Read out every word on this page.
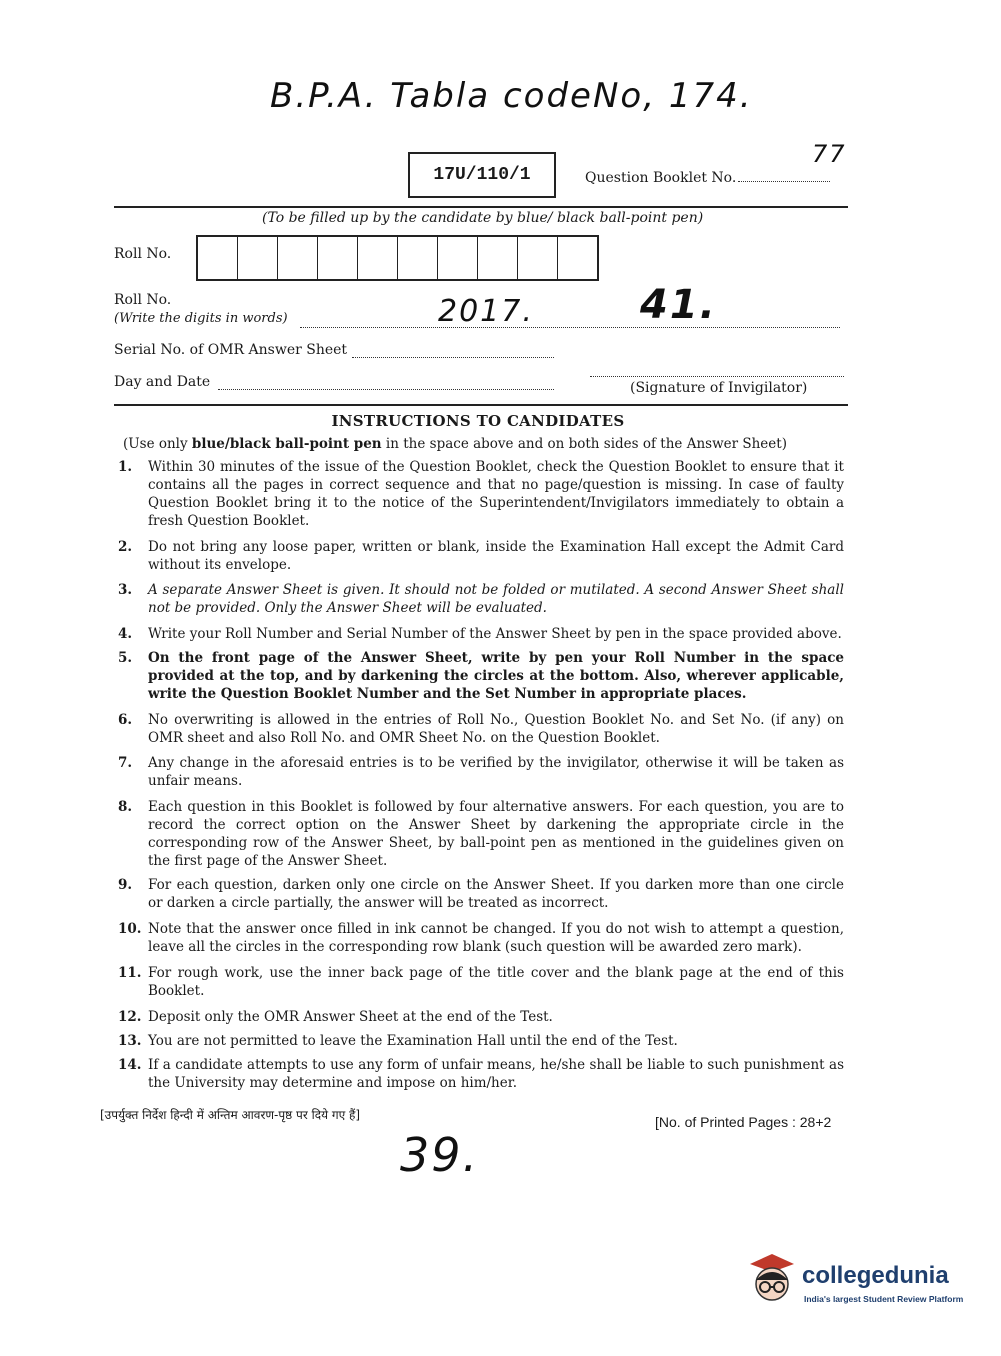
B.P.A. Tabla codeNo, 174.
17U/110/1	Question Booklet No.
77
(To be filled up by the candidate by blue/ black ball-point pen)
Roll No.
Roll No.
(Write the digits in words)	2017.	41.
Serial No. of OMR Answer Sheet
Day and Date	(Signature of Invigilator)
INSTRUCTIONS TO CANDIDATES
(Use only blue/black ball-point pen in the space above and on both sides of the Answer Sheet)
1.	Within 30 minutes of the issue of the Question Booklet, check the Question Booklet to ensure that it contains all the pages in correct sequence and that no page/question is missing. In case of faulty Question Booklet bring it to the notice of the Superintendent/Invigilators immediately to obtain a fresh Question Booklet.
2.	Do not bring any loose paper, written or blank, inside the Examination Hall except the Admit Card without its envelope.
3.	A separate Answer Sheet is given. It should not be folded or mutilated. A second Answer Sheet shall not be provided. Only the Answer Sheet will be evaluated.
4.	Write your Roll Number and Serial Number of the Answer Sheet by pen in the space provided above.
5.	On the front page of the Answer Sheet, write by pen your Roll Number in the space provided at the top, and by darkening the circles at the bottom. Also, wherever applicable, write the Question Booklet Number and the Set Number in appropriate places.
6.	No overwriting is allowed in the entries of Roll No., Question Booklet No. and Set No. (if any) on OMR sheet and also Roll No. and OMR Sheet No. on the Question Booklet.
7.	Any change in the aforesaid entries is to be verified by the invigilator, otherwise it will be taken as unfair means.
8.	Each question in this Booklet is followed by four alternative answers. For each question, you are to record the correct option on the Answer Sheet by darkening the appropriate circle in the corresponding row of the Answer Sheet, by ball-point pen as mentioned in the guidelines given on the first page of the Answer Sheet.
9.	For each question, darken only one circle on the Answer Sheet. If you darken more than one circle or darken a circle partially, the answer will be treated as incorrect.
10. Note that the answer once filled in ink cannot be changed. If you do not wish to attempt a question, leave all the circles in the corresponding row blank (such question will be awarded zero mark).
11. For rough work, use the inner back page of the title cover and the blank page at the end of this Booklet.
12. Deposit only the OMR Answer Sheet at the end of the Test.
13. You are not permitted to leave the Examination Hall until the end of the Test.
14. If a candidate attempts to use any form of unfair means, he/she shall be liable to such punishment as the University may determine and impose on him/her.
[उपर्युक्त निर्देश हिन्दी में अन्तिम आवरण-पृष्ठ पर दिये गए हैं]	[No. of Printed Pages : 28+2
39.
collegedunia
India's largest Student Review Platform
